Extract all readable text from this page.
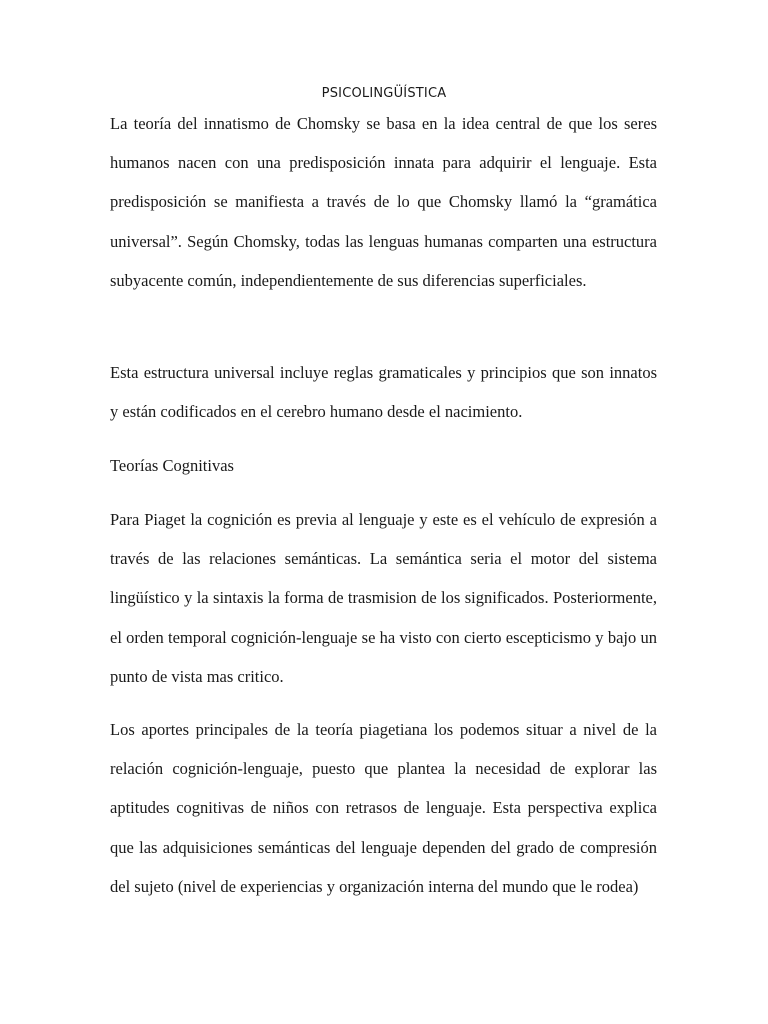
PSICOLINGÜÍSTICA

La teoría del innatismo de Chomsky se basa en la idea central de que los seres humanos nacen con una predisposición innata para adquirir el lenguaje. Esta predisposición se manifiesta a través de lo que Chomsky llamó la “gramática universal”. Según Chomsky, todas las lenguas humanas comparten una estructura subyacente común, independientemente de sus diferencias superficiales.

Esta estructura universal incluye reglas gramaticales y principios que son innatos y están codificados en el cerebro humano desde el nacimiento.

Teorías Cognitivas

Para Piaget la cognición es previa al lenguaje y este es el vehículo de expresión a través de las relaciones semánticas. La semántica seria el motor del sistema lingüístico y la sintaxis la forma de trasmision de los significados. Posteriormente, el orden temporal cognición-lenguaje se ha visto con cierto escepticismo y bajo un punto de vista mas critico.

Los aportes principales de la teoría piagetiana los podemos situar a nivel de la relación cognición-lenguaje, puesto que plantea la necesidad de explorar las aptitudes cognitivas de niños con retrasos de lenguaje. Esta perspectiva explica que las adquisiciones semánticas del lenguaje dependen del grado de compresión del sujeto (nivel de experiencias y organización interna del mundo que le rodea)
